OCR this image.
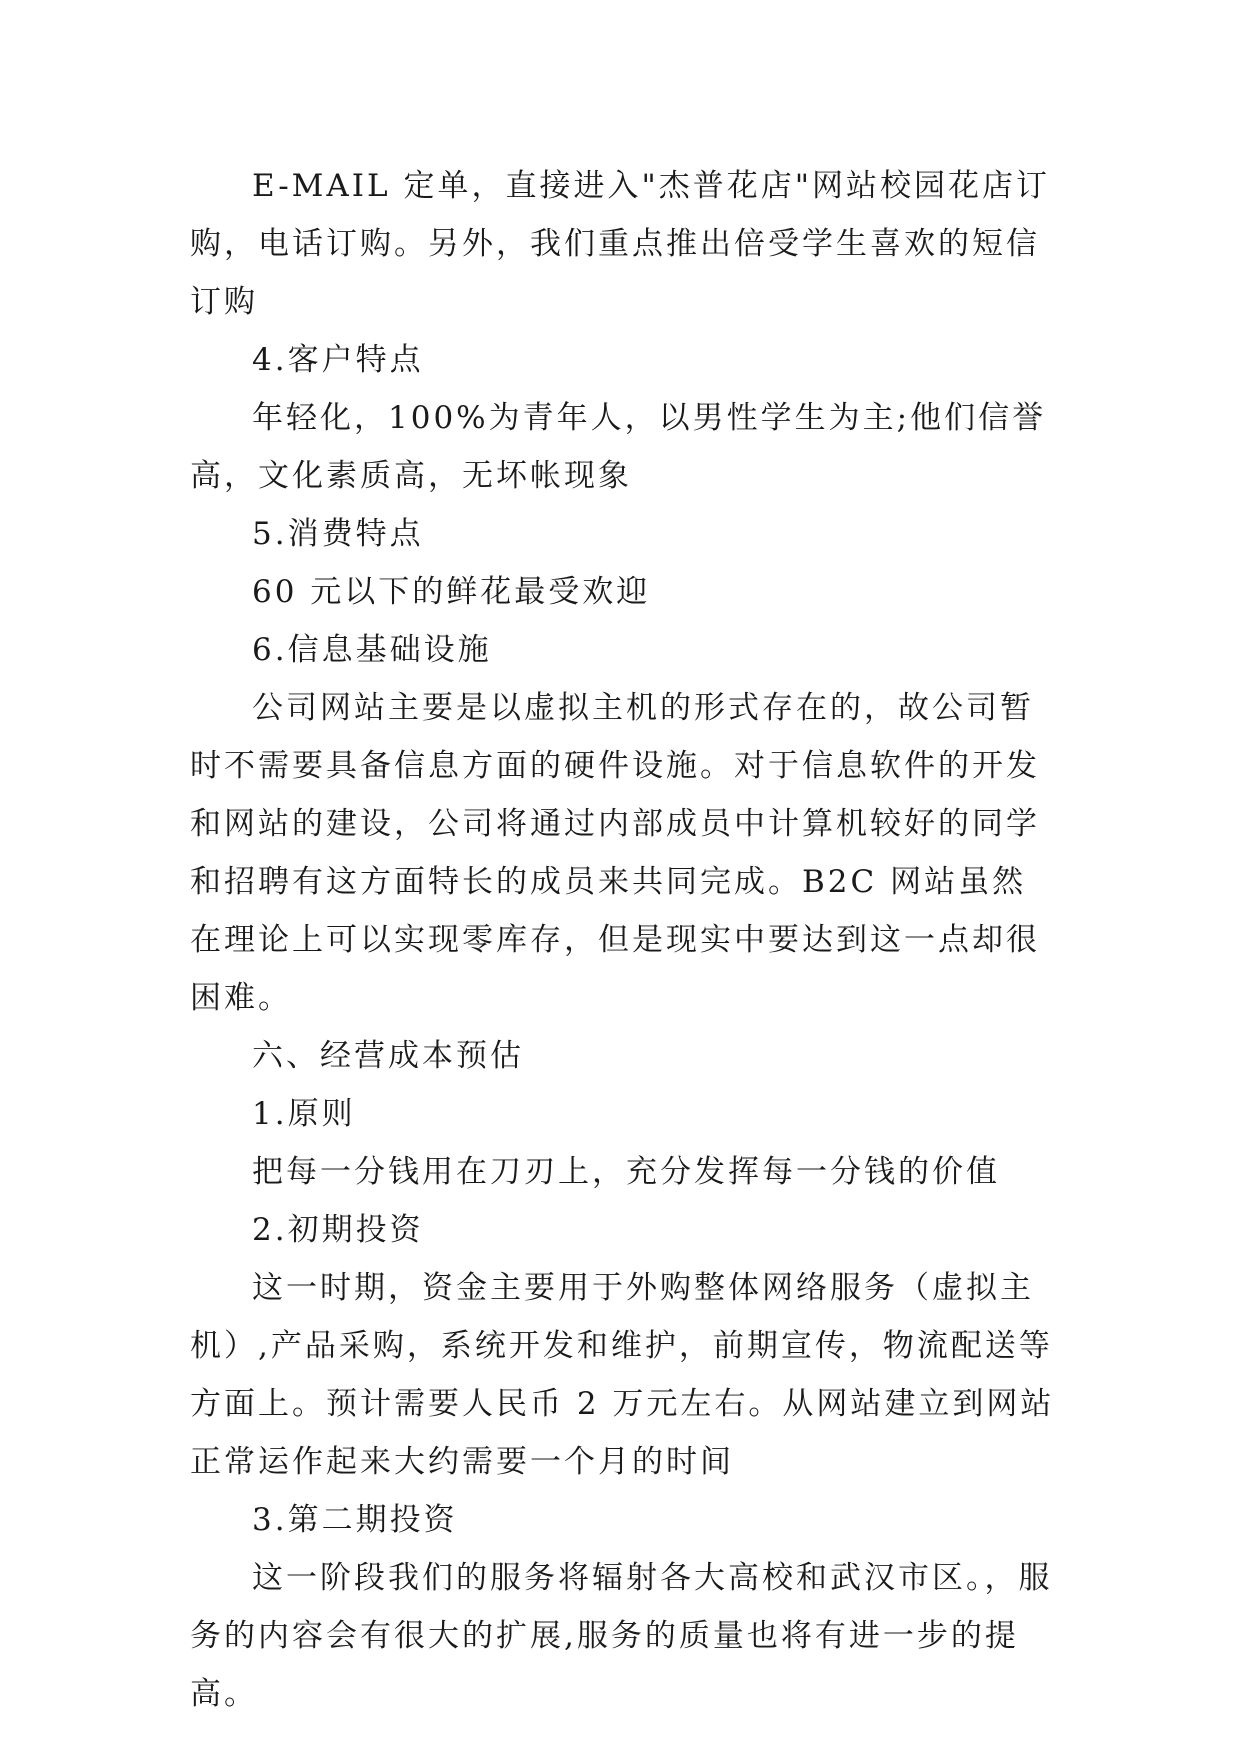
E-MAIL 定单，直接进入"杰普花店"网站校园花店订购，电话订购。另外，我们重点推出倍受学生喜欢的短信订购

4.客户特点

年轻化，100%为青年人，以男性学生为主;他们信誉高，文化素质高，无坏帐现象

5.消费特点

60 元以下的鲜花最受欢迎

6.信息基础设施

公司网站主要是以虚拟主机的形式存在的，故公司暂时不需要具备信息方面的硬件设施。对于信息软件的开发和网站的建设，公司将通过内部成员中计算机较好的同学和招聘有这方面特长的成员来共同完成。B2C 网站虽然在理论上可以实现零库存，但是现实中要达到这一点却很困难。

六、经营成本预估

1.原则

把每一分钱用在刀刃上，充分发挥每一分钱的价值

2.初期投资

这一时期，资金主要用于外购整体网络服务（虚拟主机）,产品采购，系统开发和维护，前期宣传，物流配送等方面上。预计需要人民币 2 万元左右。从网站建立到网站正常运作起来大约需要一个月的时间

3.第二期投资

这一阶段我们的服务将辐射各大高校和武汉市区。，服务的内容会有很大的扩展,服务的质量也将有进一步的提高。
